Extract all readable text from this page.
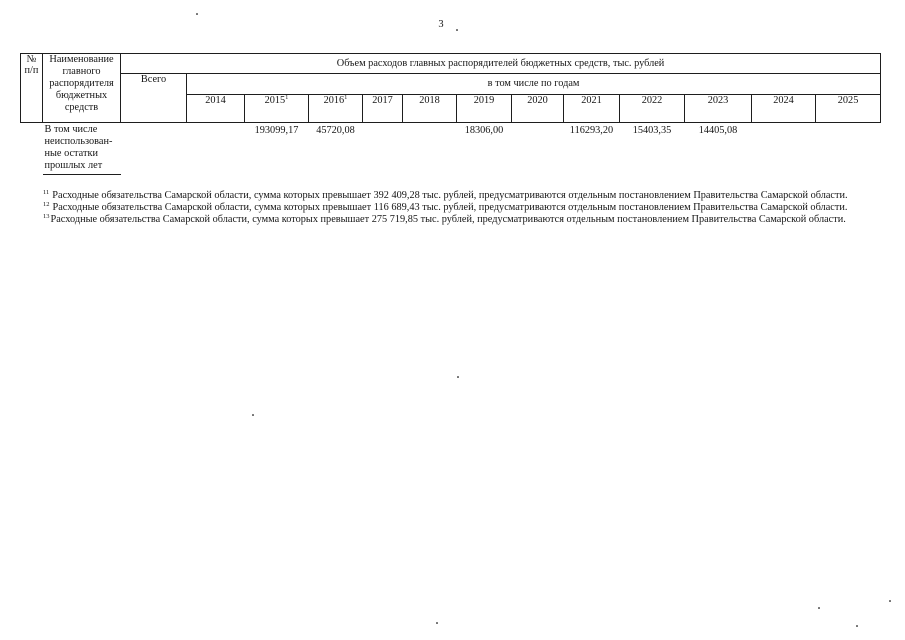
3
№
п/п	Наименование
главного
распорядителя
бюджетных
средств	Объем расходов главных распорядителей бюджетных средств, тыс. рублей												
		Всего	в том числе по годам											
			2014	2015$^1$	2016$^1$	2017	2018	2019	2020	2021	2022	2023	2024	2025

	В том числе
неиспользован-
ные остатки
прошлых лет			193099,17	45720,08			18306,00		116293,20	15403,35	14405,08		
$^{11}$ Расходные обязательства Самарской области, сумма которых превышает 392 409,28 тыс. рублей, предусматриваются отдельным постановлением Правительства Самарской области.
$^{12}$ Расходные обязательства Самарской области, сумма которых превышает 116 689,43 тыс. рублей, предусматриваются отдельным постановлением Правительства Самарской области.
$^{13}$Расходные обязательства Самарской области, сумма которых превышает 275 719,85 тыс. рублей, предусматриваются отдельным постановлением Правительства Самарской области.
